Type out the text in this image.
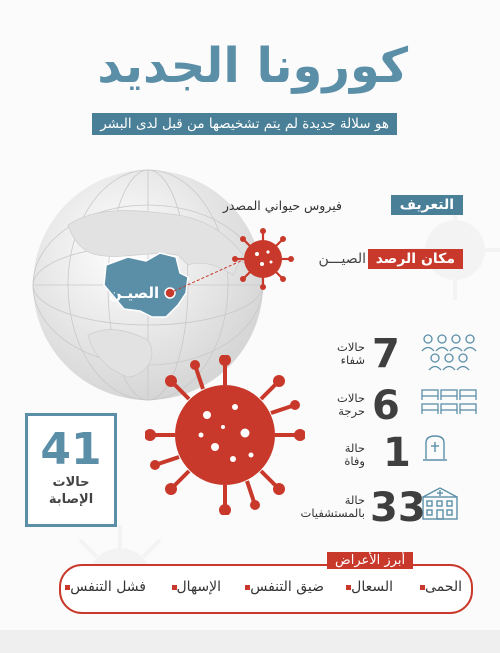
كورونا الجديد
هو سلالة جديدة لم يتم تشخيصها من قبل لدى البشر
الصيـن
التعريف
فيروس حيواني المصدر
مكان الرصد
الصيـــن
7
حالات
شفاء
6
حالات
حرجة
1
حالة
وفاة
33
حالة
بالمستشفيات
41
حالات
الإصابة
أبرز الأعراض
الحمى
السعال
ضيق التنفس
الإسهال
فشل التنفس
